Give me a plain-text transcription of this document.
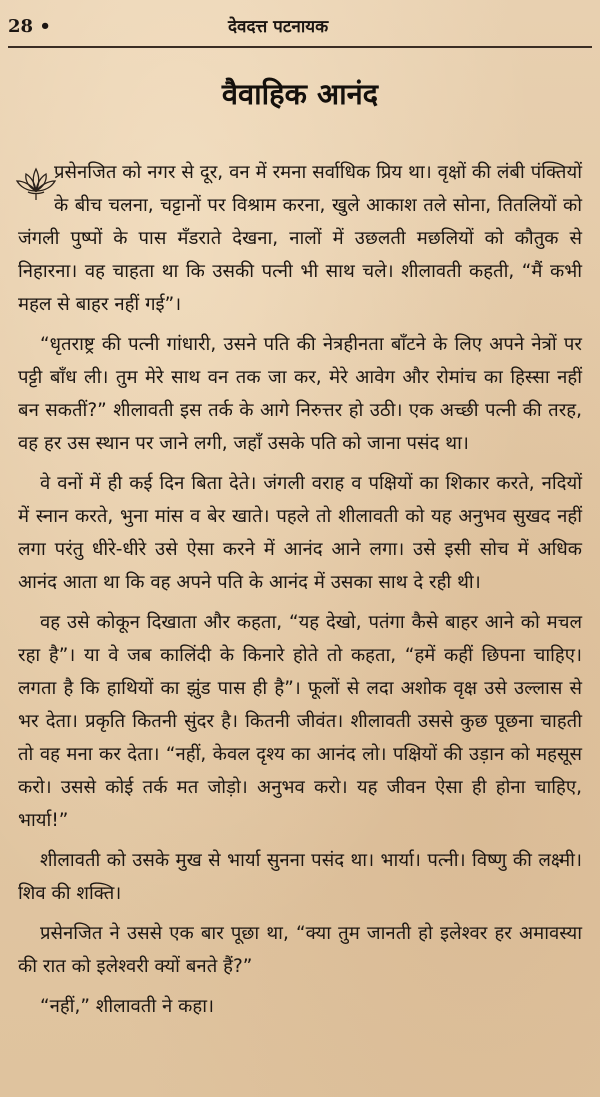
28 •	देवदत्त पटनायक
वैवाहिक आनंद

प्रसेनजित को नगर से दूर, वन में रमना सर्वाधिक प्रिय था। वृक्षों की लंबी पंक्तियों के बीच चलना, चट्टानों पर विश्राम करना, खुले आकाश तले सोना, तितलियों को जंगली पुष्पों के पास मँडराते देखना, नालों में उछलती मछलियों को कौतुक से निहारना। वह चाहता था कि उसकी पत्नी भी साथ चले। शीलावती कहती, “मैं कभी महल से बाहर नहीं गई”।

“धृतराष्ट्र की पत्नी गांधारी, उसने पति की नेत्रहीनता बाँटने के लिए अपने नेत्रों पर पट्टी बाँध ली। तुम मेरे साथ वन तक जा कर, मेरे आवेग और रोमांच का हिस्सा नहीं बन सकतीं?” शीलावती इस तर्क के आगे निरुत्तर हो उठी। एक अच्छी पत्नी की तरह, वह हर उस स्थान पर जाने लगी, जहाँ उसके पति को जाना पसंद था।

वे वनों में ही कई दिन बिता देते। जंगली वराह व पक्षियों का शिकार करते, नदियों में स्नान करते, भुना मांस व बेर खाते। पहले तो शीलावती को यह अनुभव सुखद नहीं लगा परंतु धीरे-धीरे उसे ऐसा करने में आनंद आने लगा। उसे इसी सोच में अधिक आनंद आता था कि वह अपने पति के आनंद में उसका साथ दे रही थी।

वह उसे कोकून दिखाता और कहता, “यह देखो, पतंगा कैसे बाहर आने को मचल रहा है”। या वे जब कालिंदी के किनारे होते तो कहता, “हमें कहीं छिपना चाहिए। लगता है कि हाथियों का झुंड पास ही है”। फूलों से लदा अशोक वृक्ष उसे उल्लास से भर देता। प्रकृति कितनी सुंदर है। कितनी जीवंत। शीलावती उससे कुछ पूछना चाहती तो वह मना कर देता। “नहीं, केवल दृश्य का आनंद लो। पक्षियों की उड़ान को महसूस करो। उससे कोई तर्क मत जोड़ो। अनुभव करो। यह जीवन ऐसा ही होना चाहिए, भार्या!”

शीलावती को उसके मुख से भार्या सुनना पसंद था। भार्या। पत्नी। विष्णु की लक्ष्मी। शिव की शक्ति।

प्रसेनजित ने उससे एक बार पूछा था, “क्या तुम जानती हो इलेश्वर हर अमावस्या की रात को इलेश्वरी क्यों बनते हैं?”

“नहीं,” शीलावती ने कहा।
